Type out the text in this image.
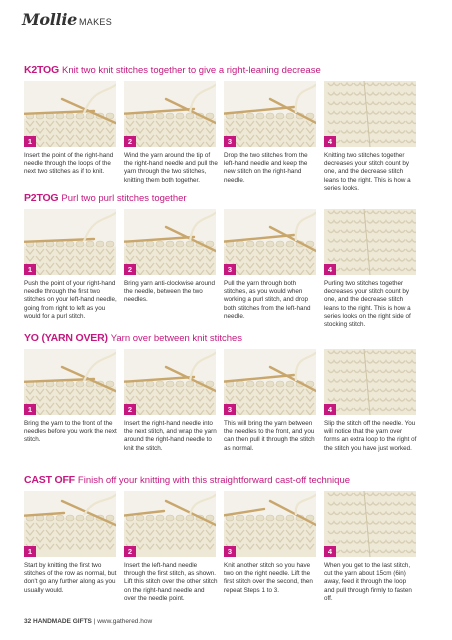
Mollie MAKES
K2TOG Knit two knit stitches together to give a right-leaning decrease
1	2	3	4
Insert the point of the right-hand needle through the loops of the next two stitches as if to knit.
Wind the yarn around the tip of the right-hand needle and pull the yarn through the two stitches, knitting them both together.
Drop the two stitches from the left-hand needle and keep the new stitch on the right-hand needle.
Knitting two stitches together decreases your stitch count by one, and the decrease stitch leans to the right. This is how a series looks.
P2TOG Purl two purl stitches together
1	2	3	4
Push the point of your right-hand needle through the first two stitches on your left-hand needle, going from right to left as you would for a purl stitch.
Bring yarn anti-clockwise around the needle, between the two needles.
Pull the yarn through both stitches, as you would when working a purl stitch, and drop both stitches from the left-hand needle.
Purling two stitches together decreases your stitch count by one, and the decrease stitch leans to the right. This is how a series looks on the right side of stocking stitch.
YO (YARN OVER) Yarn over between knit stitches
1	2	3	4
Bring the yarn to the front of the needles before you work the next stitch.
Insert the right-hand needle into the next stitch, and wrap the yarn around the right-hand needle to knit the stitch.
This will bring the yarn between the needles to the front, and you can then pull it through the stitch as normal.
Slip the stitch off the needle. You will notice that the yarn over forms an extra loop to the right of the stitch you have just worked.
CAST OFF Finish off your knitting with this straightforward cast-off technique
1	2	3	4
Start by knitting the first two stitches of the row as normal, but don't go any further along as you usually would.
Insert the left-hand needle through the first stitch, as shown. Lift this stitch over the other stitch on the right-hand needle and over the needle point.
Knit another stitch so you have two on the right needle. Lift the first stitch over the second, then repeat Steps 1 to 3.
When you get to the last stitch, cut the yarn about 15cm (6in) away, feed it through the loop and pull through firmly to fasten off.
32 HANDMADE GIFTS | www.gathered.how
